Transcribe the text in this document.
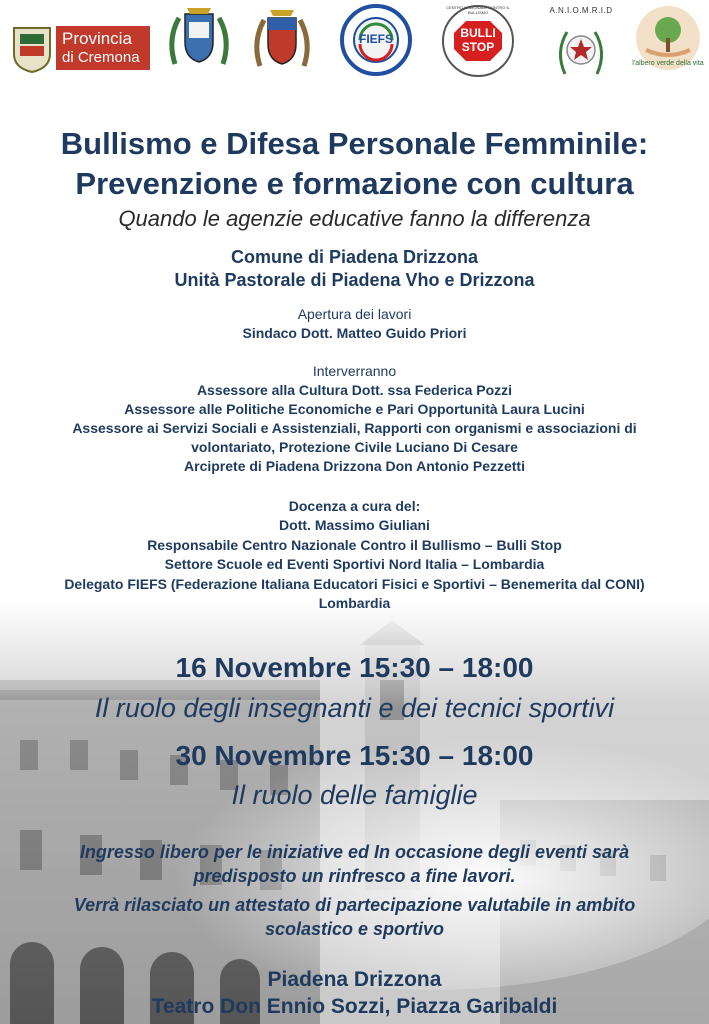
Provincia
di Cremona
FIEFS	BULLI
STOP
CENTRO NAZIONALE CONTRO IL BULLISMO	A.N.I.O.M.R.I.D
l'albero verde della vita
Bullismo e Difesa Personale Femminile:
Prevenzione e formazione con cultura
Quando le agenzie educative fanno la differenza
Comune di Piadena Drizzona
Unità Pastorale di Piadena Vho e Drizzona
Apertura dei lavori
Sindaco Dott. Matteo Guido Priori
Interverranno
Assessore alla Cultura Dott. ssa Federica Pozzi
Assessore alle Politiche Economiche e Pari Opportunità Laura Lucini
Assessore ai Servizi Sociali e Assistenziali, Rapporti con organismi e associazioni di
volontariato, Protezione Civile Luciano Di Cesare
Arciprete di Piadena Drizzona Don Antonio Pezzetti
Docenza a cura del:
Dott. Massimo Giuliani
Responsabile Centro Nazionale Contro il Bullismo – Bulli Stop
Settore Scuole ed Eventi Sportivi Nord Italia – Lombardia
Delegato FIEFS (Federazione Italiana Educatori Fisici e Sportivi – Benemerita dal CONI)
Lombardia
16 Novembre 15:30 – 18:00
Il ruolo degli insegnanti e dei tecnici sportivi
30 Novembre 15:30 – 18:00
Il ruolo delle famiglie
Ingresso libero per le iniziative ed In occasione degli eventi sarà
predisposto un rinfresco a fine lavori.
Verrà rilasciato un attestato di partecipazione valutabile in ambito
scolastico e sportivo
Piadena Drizzona
Teatro Don Ennio Sozzi, Piazza Garibaldi
